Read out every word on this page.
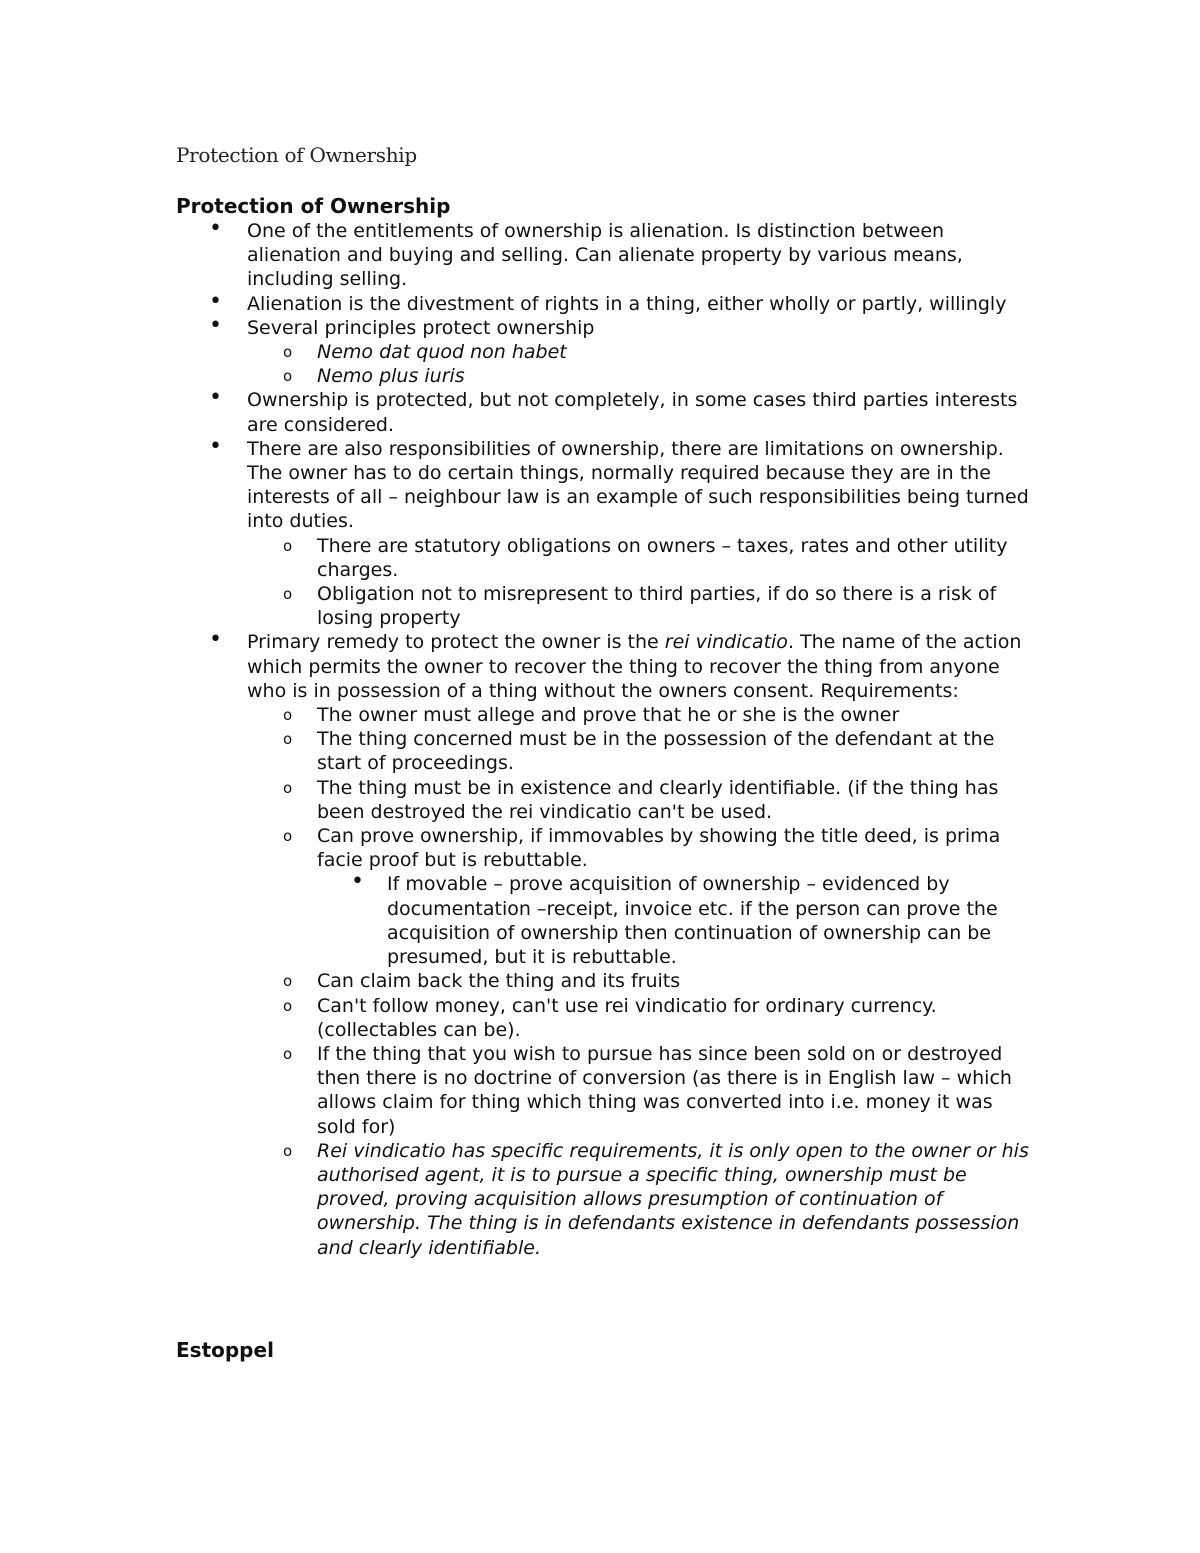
Protection of Ownership
Protection of Ownership
• One of the entitlements of ownership is alienation. Is distinction between alienation and buying and selling. Can alienate property by various means, including selling.
• Alienation is the divestment of rights in a thing, either wholly or partly, willingly
• Several principles protect ownership
o Nemo dat quod non habet
o Nemo plus iuris
• Ownership is protected, but not completely, in some cases third parties interests are considered.
• There are also responsibilities of ownership, there are limitations on ownership. The owner has to do certain things, normally required because they are in the interests of all – neighbour law is an example of such responsibilities being turned into duties.
o There are statutory obligations on owners – taxes, rates and other utility charges.
o Obligation not to misrepresent to third parties, if do so there is a risk of losing property
• Primary remedy to protect the owner is the rei vindicatio. The name of the action which permits the owner to recover the thing to recover the thing from anyone who is in possession of a thing without the owners consent. Requirements:
o The owner must allege and prove that he or she is the owner
o The thing concerned must be in the possession of the defendant at the start of proceedings.
o The thing must be in existence and clearly identifiable. (if the thing has been destroyed the rei vindicatio can't be used.
o Can prove ownership, if immovables by showing the title deed, is prima facie proof but is rebuttable.
• If movable – prove acquisition of ownership – evidenced by documentation –receipt, invoice etc. if the person can prove the acquisition of ownership then continuation of ownership can be presumed, but it is rebuttable.
o Can claim back the thing and its fruits
o Can't follow money, can't use rei vindicatio for ordinary currency. (collectables can be).
o If the thing that you wish to pursue has since been sold on or destroyed then there is no doctrine of conversion (as there is in English law – which allows claim for thing which thing was converted into i.e. money it was sold for)
o Rei vindicatio has specific requirements, it is only open to the owner or his authorised agent, it is to pursue a specific thing, ownership must be proved, proving acquisition allows presumption of continuation of ownership. The thing is in defendants existence in defendants possession and clearly identifiable.
Estoppel
